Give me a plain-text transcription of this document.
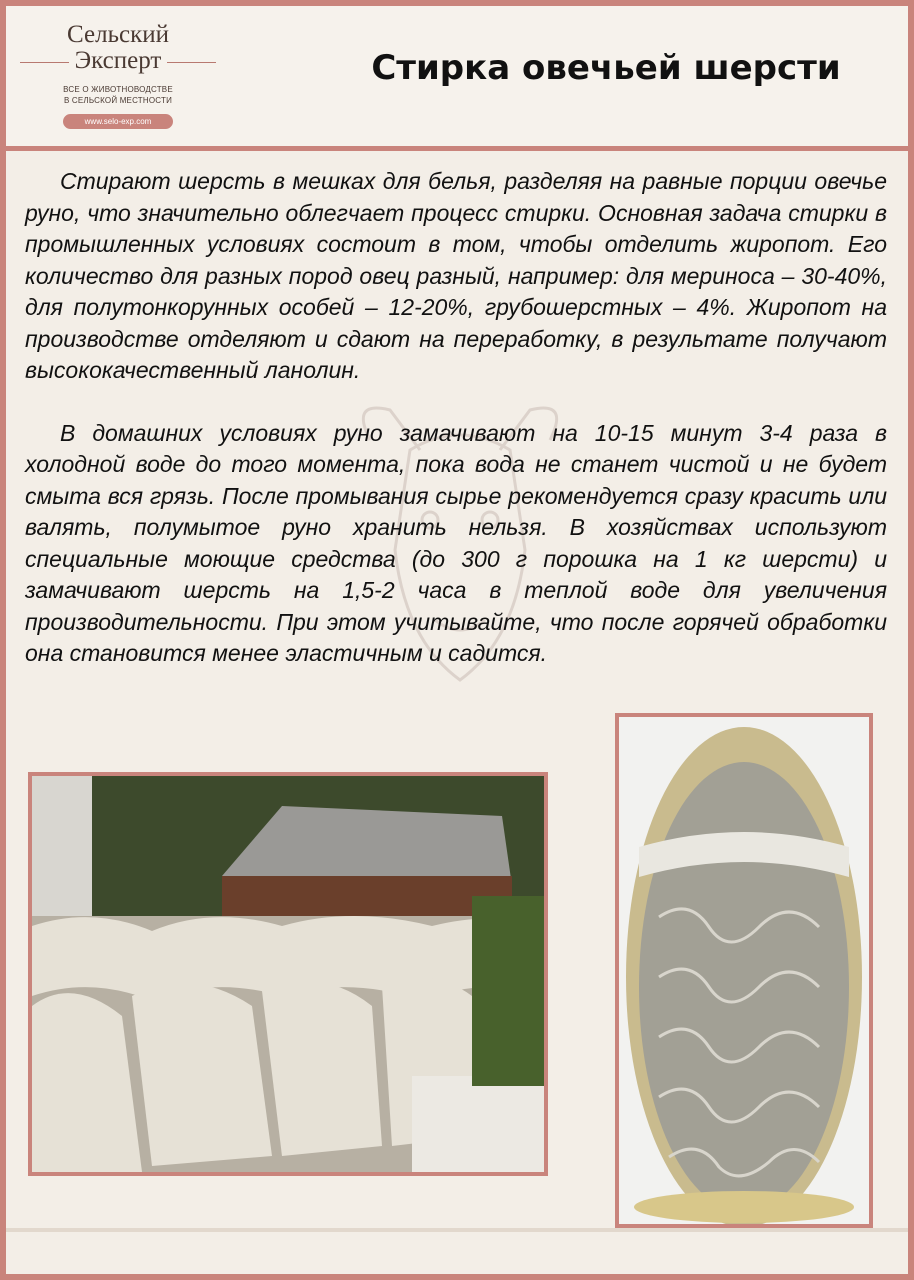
Сельский
Эксперт
ВСЕ О ЖИВОТНОВОДСТВЕ
В СЕЛЬСКОЙ МЕСТНОСТИ
www.selo-exp.com
Стирка овечьей шерсти

Стирают шерсть в мешках для белья, разделяя на равные порции овечье руно, что значительно облегчает процесс стирки. Основная задача стирки в промышленных условиях состоит в том, чтобы отделить жиропот. Его количество для разных пород овец разный, например: для мериноса – 30-40%, для полутонкорунных особей – 12-20%, грубошерстных – 4%. Жиропот на производстве отделяют и сдают на переработку, в результате получают высококачественный ланолин.

В домашних условиях руно замачивают на 10-15 минут 3-4 раза в холодной воде до того момента, пока вода не станет чистой и не будет смыта вся грязь. После промывания сырье рекомендуется сразу красить или валять, полумытое руно хранить нельзя. В хозяйствах используют специальные моющие средства (до 300 г порошка на 1 кг шерсти) и замачивают шерсть на 1,5-2 часа в теплой воде для увеличения производительности. При этом учитывайте, что после горячей обработки она становится менее эластичным и садится.
